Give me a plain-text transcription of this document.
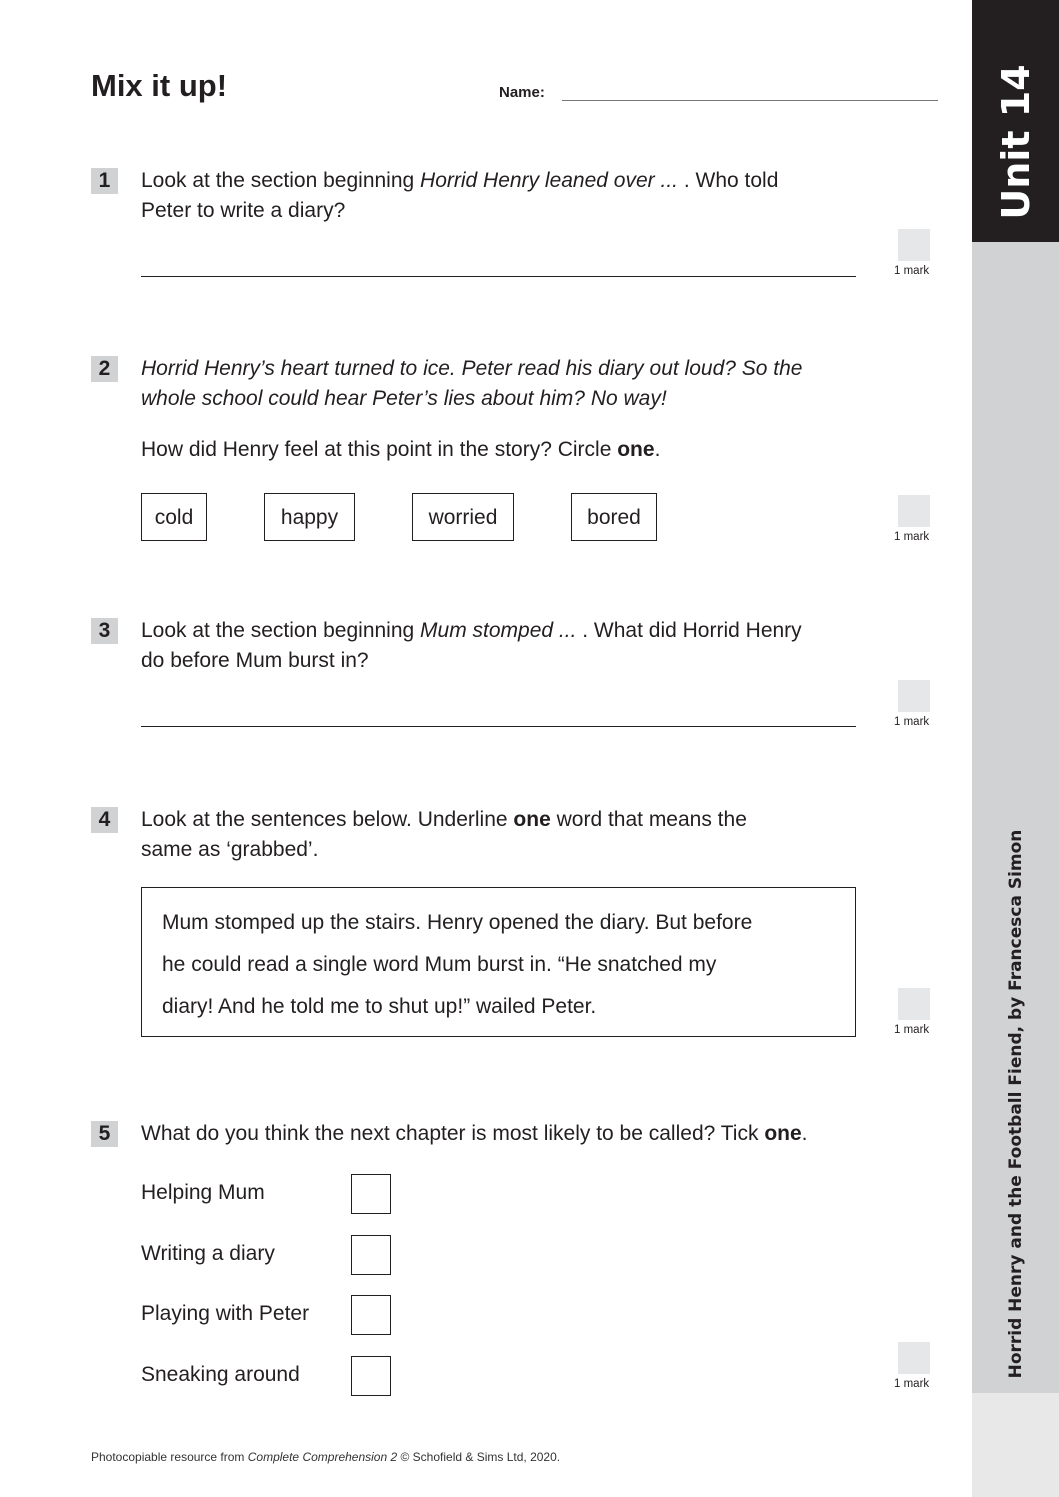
Unit 14
Horrid Henry and the Football Fiend, by Francesca Simon
Mix it up!	Name:
1	Look at the section beginning Horrid Henry leaned over ... . Who told
Peter to write a diary?
1 mark
2	Horrid Henry’s heart turned to ice. Peter read his diary out loud? So the
whole school could hear Peter’s lies about him? No way!
How did Henry feel at this point in the story? Circle one.
cold	happy	worried	bored
1 mark
3	Look at the section beginning Mum stomped ... . What did Horrid Henry
do before Mum burst in?
1 mark
4	Look at the sentences below. Underline one word that means the
same as ‘grabbed’.
Mum stomped up the stairs. Henry opened the diary. But before
he could read a single word Mum burst in. “He snatched my
diary! And he told me to shut up!” wailed Peter.
1 mark
5	What do you think the next chapter is most likely to be called? Tick one.
Helping Mum
Writing a diary
Playing with Peter
Sneaking around	1 mark
Photocopiable resource from Complete Comprehension 2 © Schofield & Sims Ltd, 2020.
